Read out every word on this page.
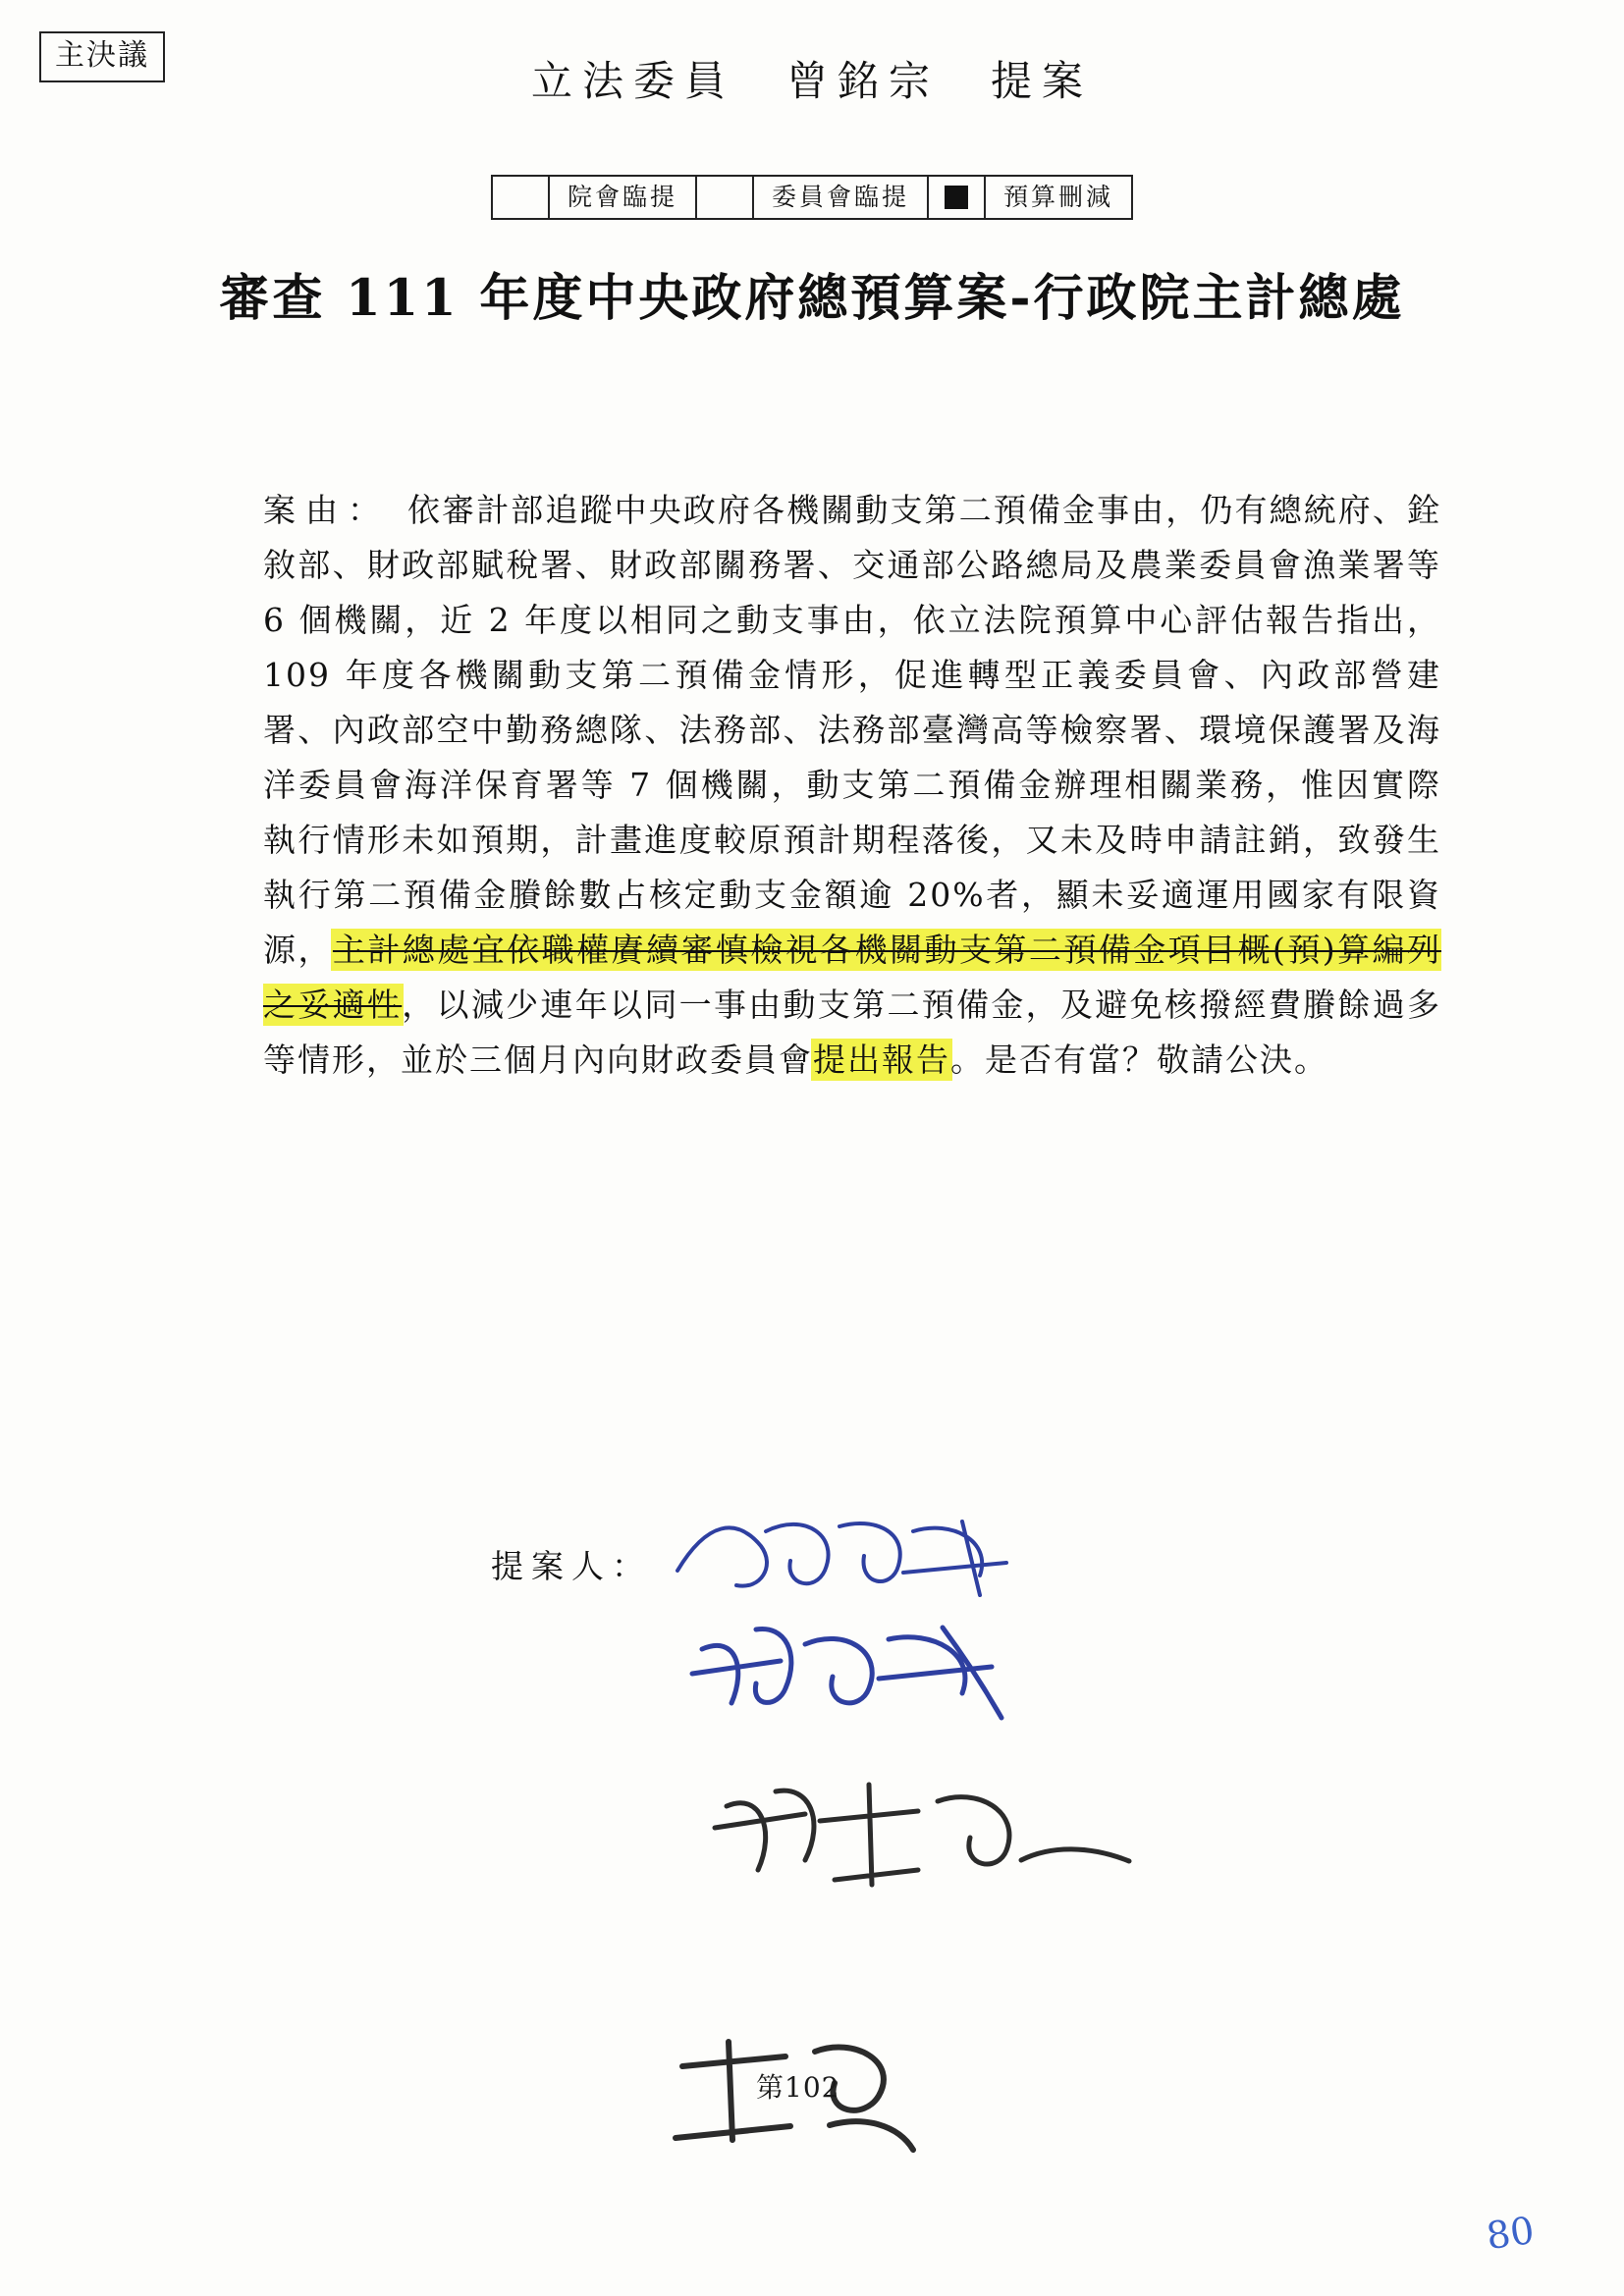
主決議
立法委員　曾銘宗　提案
院會臨提	委員會臨提	預算刪減
審查 111 年度中央政府總預算案-行政院主計總處
案由： 依審計部追蹤中央政府各機關動支第二預備金事由，仍有總統府、銓敘部、財政部賦稅署、財政部關務署、交通部公路總局及農業委員會漁業署等 6 個機關，近 2 年度以相同之動支事由，依立法院預算中心評估報告指出，109 年度各機關動支第二預備金情形，促進轉型正義委員會、內政部營建署、內政部空中勤務總隊、法務部、法務部臺灣高等檢察署、環境保護署及海洋委員會海洋保育署等 7 個機關，動支第二預備金辦理相關業務，惟因實際執行情形未如預期，計畫進度較原預計期程落後，又未及時申請註銷，致發生執行第二預備金賸餘數占核定動支金額逾 20%者，顯未妥適運用國家有限資源，主計總處宜依職權賡續審慎檢視各機關動支第二預備金項目概(預)算編列之妥適性，以減少連年以同一事由動支第二預備金，及避免核撥經費賸餘過多等情形，並於三個月內向財政委員會提出報告。是否有當？敬請公決。
提案人：
第102
80
